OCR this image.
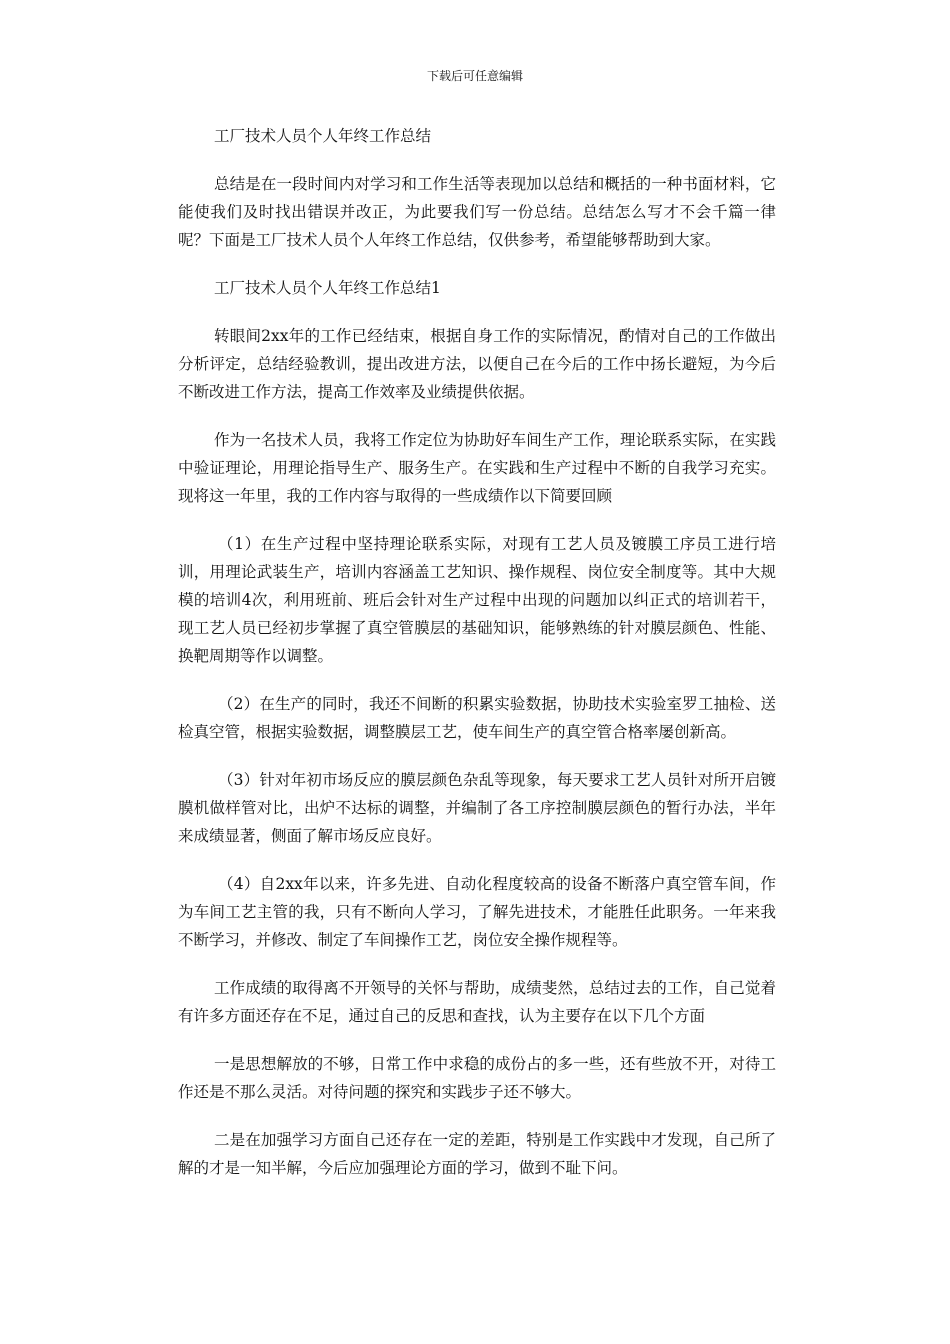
下载后可任意编辑

工厂技术人员个人年终工作总结

总结是在一段时间内对学习和工作生活等表现加以总结和概括的一种书面材料，它能使我们及时找出错误并改正，为此要我们写一份总结。总结怎么写才不会千篇一律呢？下面是工厂技术人员个人年终工作总结，仅供参考，希望能够帮助到大家。

工厂技术人员个人年终工作总结1

转眼间2xx年的工作已经结束，根据自身工作的实际情况，酌情对自己的工作做出分析评定，总结经验教训，提出改进方法，以便自己在今后的工作中扬长避短，为今后不断改进工作方法，提高工作效率及业绩提供依据。

作为一名技术人员，我将工作定位为协助好车间生产工作，理论联系实际，在实践中验证理论，用理论指导生产、服务生产。在实践和生产过程中不断的自我学习充实。现将这一年里，我的工作内容与取得的一些成绩作以下简要回顾

（1）在生产过程中坚持理论联系实际，对现有工艺人员及镀膜工序员工进行培训，用理论武装生产，培训内容涵盖工艺知识、操作规程、岗位安全制度等。其中大规模的培训4次，利用班前、班后会针对生产过程中出现的问题加以纠正式的培训若干，现工艺人员已经初步掌握了真空管膜层的基础知识，能够熟练的针对膜层颜色、性能、换靶周期等作以调整。

（2）在生产的同时，我还不间断的积累实验数据，协助技术实验室罗工抽检、送检真空管，根据实验数据，调整膜层工艺，使车间生产的真空管合格率屡创新高。

（3）针对年初市场反应的膜层颜色杂乱等现象，每天要求工艺人员针对所开启镀膜机做样管对比，出炉不达标的调整，并编制了各工序控制膜层颜色的暂行办法，半年来成绩显著，侧面了解市场反应良好。

（4）自2xx年以来，许多先进、自动化程度较高的设备不断落户真空管车间，作为车间工艺主管的我，只有不断向人学习，了解先进技术，才能胜任此职务。一年来我不断学习，并修改、制定了车间操作工艺，岗位安全操作规程等。

工作成绩的取得离不开领导的关怀与帮助，成绩斐然，总结过去的工作，自己觉着有许多方面还存在不足，通过自己的反思和查找，认为主要存在以下几个方面

一是思想解放的不够，日常工作中求稳的成份占的多一些，还有些放不开，对待工作还是不那么灵活。对待问题的探究和实践步子还不够大。

二是在加强学习方面自己还存在一定的差距，特别是工作实践中才发现，自己所了解的才是一知半解，今后应加强理论方面的学习，做到不耻下问。
